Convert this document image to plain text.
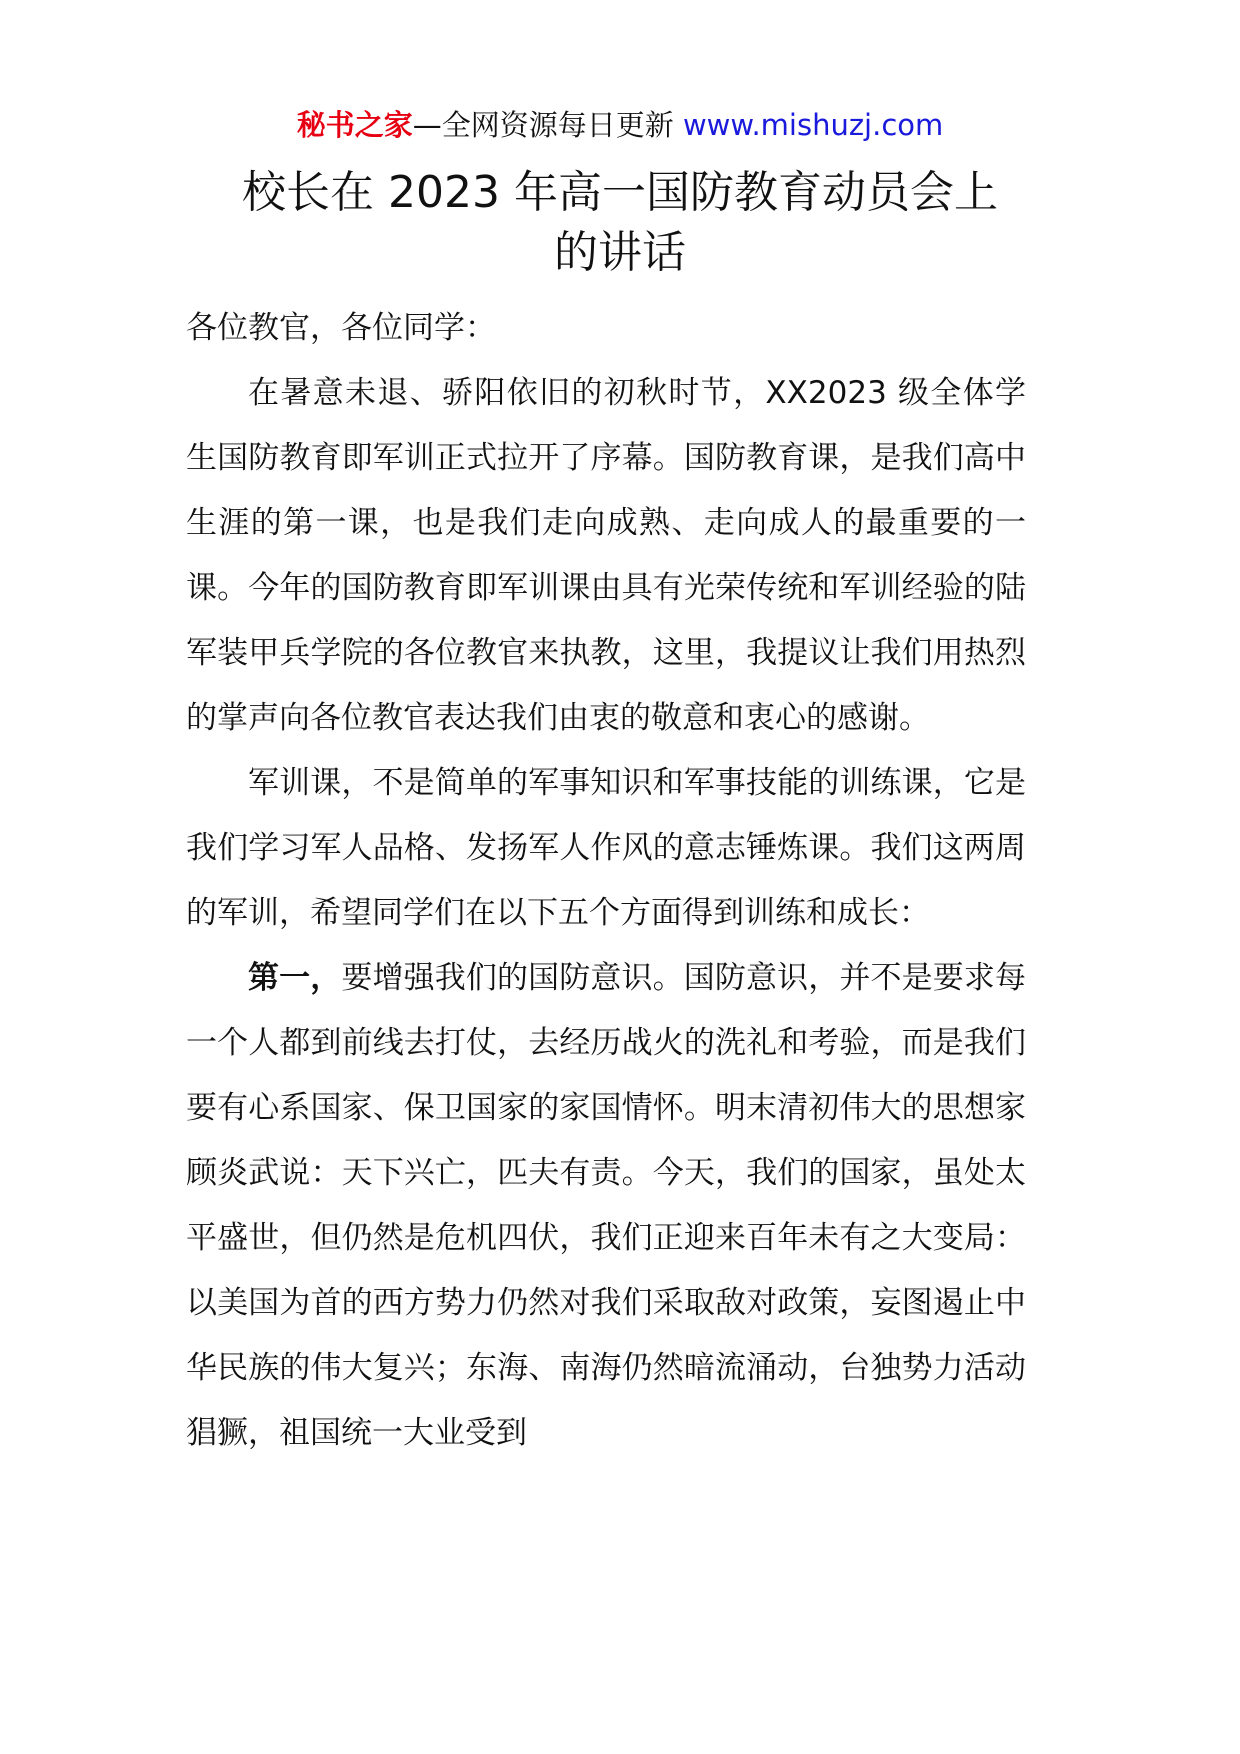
秘书之家—全网资源每日更新 www.mishuzj.com
校长在 2023 年高一国防教育动员会上
的讲话

各位教官，各位同学：

在暑意未退、骄阳依旧的初秋时节，XX2023 级全体学生国防教育即军训正式拉开了序幕。国防教育课，是我们高中生涯的第一课，也是我们走向成熟、走向成人的最重要的一课。今年的国防教育即军训课由具有光荣传统和军训经验的陆军装甲兵学院的各位教官来执教，这里，我提议让我们用热烈的掌声向各位教官表达我们由衷的敬意和衷心的感谢。

军训课，不是简单的军事知识和军事技能的训练课，它是我们学习军人品格、发扬军人作风的意志锤炼课。我们这两周的军训，希望同学们在以下五个方面得到训练和成长：

第一，要增强我们的国防意识。国防意识，并不是要求每一个人都到前线去打仗，去经历战火的洗礼和考验，而是我们要有心系国家、保卫国家的家国情怀。明末清初伟大的思想家顾炎武说：天下兴亡，匹夫有责。今天，我们的国家，虽处太平盛世，但仍然是危机四伏，我们正迎来百年未有之大变局：以美国为首的西方势力仍然对我们采取敌对政策，妄图遏止中华民族的伟大复兴；东海、南海仍然暗流涌动，台独势力活动猖獗，祖国统一大业受到
